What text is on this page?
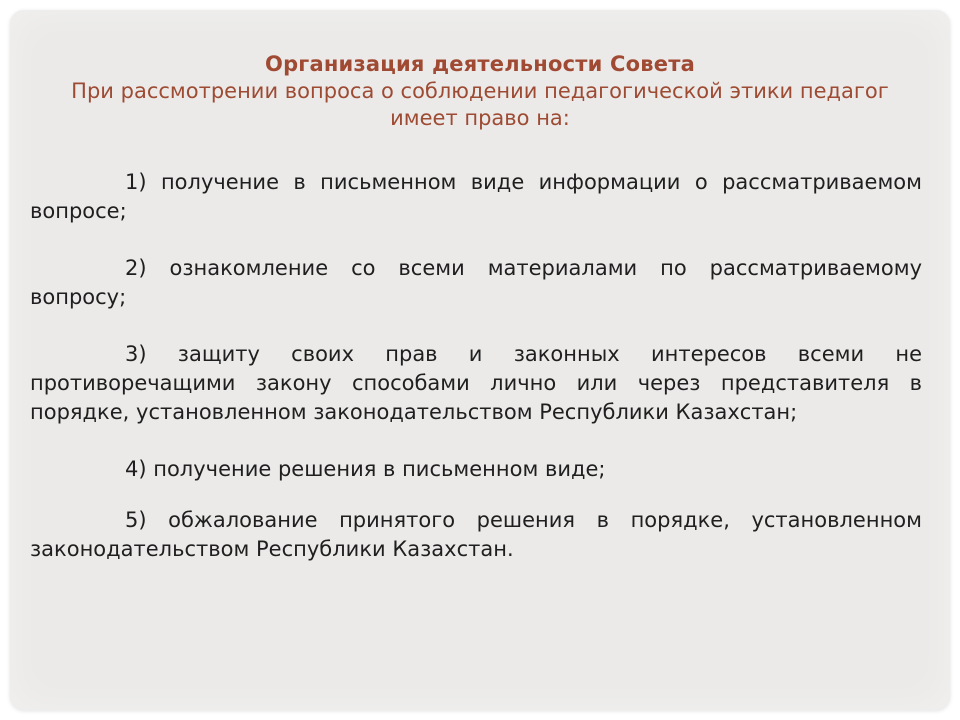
Организация деятельности Совета
При рассмотрении вопроса о соблюдении педагогической этики педагог имеет право на:

1) получение в письменном виде информации о рассматриваемом вопросе;

2) ознакомление со всеми материалами по рассматриваемому вопросу;

3) защиту своих прав и законных интересов всеми не противоречащими закону способами лично или через представителя в порядке, установленном законодательством Республики Казахстан;

4) получение решения в письменном виде;

5) обжалование принятого решения в порядке, установленном законодательством Республики Казахстан.
